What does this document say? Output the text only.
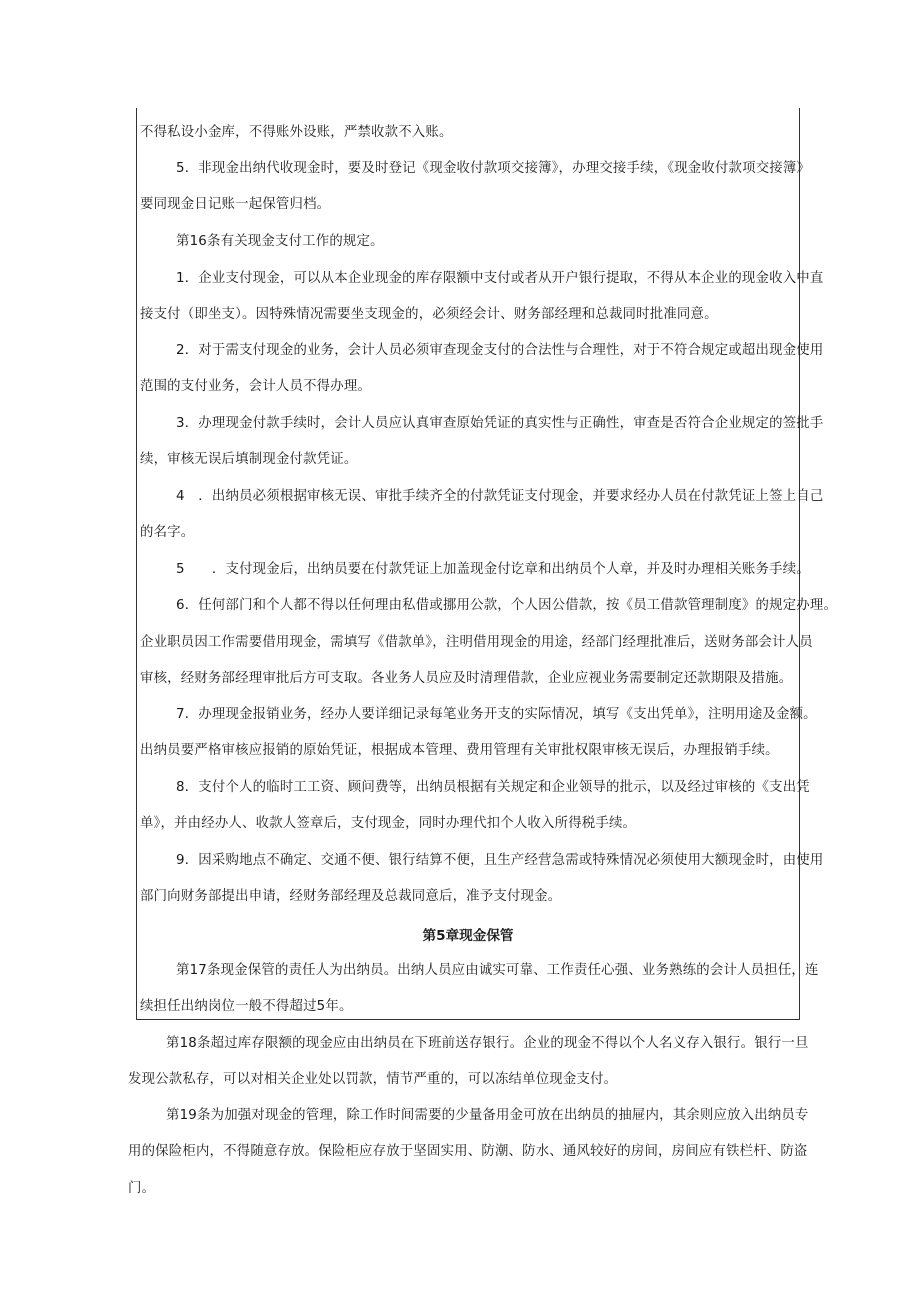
不得私设小金库，不得账外设账，严禁收款不入账。
5．非现金出纳代收现金时，要及时登记《现金收付款项交接簿》，办理交接手续，《现金收付款项交接簿》
要同现金日记账一起保管归档。
第16条有关现金支付工作的规定。
1．企业支付现金，可以从本企业现金的库存限额中支付或者从开户银行提取，不得从本企业的现金收入中直
接支付（即坐支）。因特殊情况需要坐支现金的，必须经会计、财务部经理和总裁同时批准同意。
2．对于需支付现金的业务，会计人员必须审查现金支付的合法性与合理性，对于不符合规定或超出现金使用
范围的支付业务，会计人员不得办理。
3．办理现金付款手续时，会计人员应认真审查原始凭证的真实性与正确性，审查是否符合企业规定的签批手
续，审核无误后填制现金付款凭证。
4　．出纳员必须根据审核无误、审批手续齐全的付款凭证支付现金，并要求经办人员在付款凭证上签上自己
的名字。
5　　．支付现金后，出纳员要在付款凭证上加盖现金付讫章和出纳员个人章，并及时办理相关账务手续。
6．任何部门和个人都不得以任何理由私借或挪用公款，个人因公借款，按《员工借款管理制度》的规定办理。
企业职员因工作需要借用现金，需填写《借款单》，注明借用现金的用途，经部门经理批准后，送财务部会计人员
审核，经财务部经理审批后方可支取。各业务人员应及时清理借款，企业应视业务需要制定还款期限及措施。
7．办理现金报销业务，经办人要详细记录每笔业务开支的实际情况，填写《支出凭单》，注明用途及金额。
出纳员要严格审核应报销的原始凭证，根据成本管理、费用管理有关审批权限审核无误后，办理报销手续。
8．支付个人的临时工工资、顾问费等，出纳员根据有关规定和企业领导的批示，以及经过审核的《支出凭
单》，并由经办人、收款人签章后，支付现金，同时办理代扣个人收入所得税手续。
9．因采购地点不确定、交通不便、银行结算不便，且生产经营急需或特殊情况必须使用大额现金时，由使用
部门向财务部提出申请，经财务部经理及总裁同意后，准予支付现金。
第5章现金保管
第17条现金保管的责任人为出纳员。出纳人员应由诚实可靠、工作责任心强、业务熟练的会计人员担任，连
续担任出纳岗位一般不得超过5年。
第18条超过库存限额的现金应由出纳员在下班前送存银行。企业的现金不得以个人名义存入银行。银行一旦
发现公款私存，可以对相关企业处以罚款，情节严重的，可以冻结单位现金支付。
第19条为加强对现金的管理，除工作时间需要的少量备用金可放在出纳员的抽屉内，其余则应放入出纳员专
用的保险柜内，不得随意存放。保险柜应存放于坚固实用、防潮、防水、通风较好的房间，房间应有铁栏杆、防盗
门。
